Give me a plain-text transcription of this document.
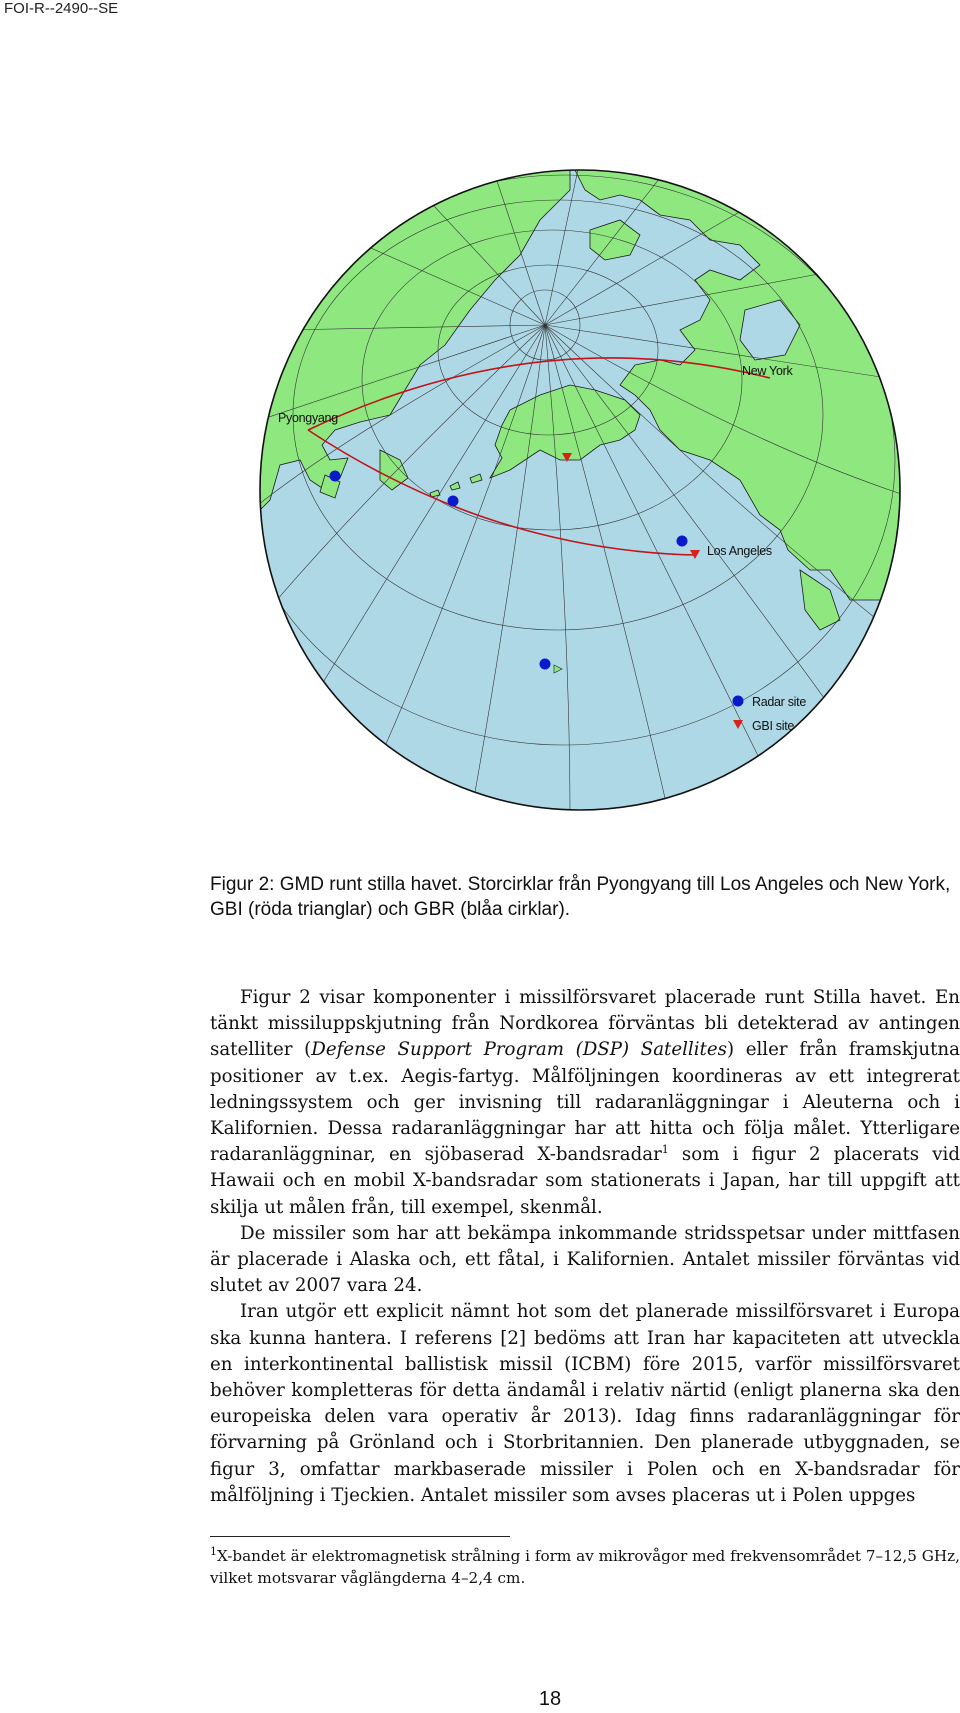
FOI-R--2490--SE
Pyongyang
New York
Los Angeles
Radar site
GBI site
Figur 2: GMD runt stilla havet. Storcirklar från Pyongyang till Los Angeles och New York,
GBI (röda trianglar) och GBR (blåa cirklar).

Figur 2 visar komponenter i missilförsvaret placerade runt Stilla havet. En tänkt missiluppskjutning från Nordkorea förväntas bli detekterad av antingen satelliter (Defense Support Program (DSP) Satellites) eller från framskjutna positioner av t.ex. Aegis-fartyg. Målföljningen koordineras av ett integrerat ledningssystem och ger invisning till radaranläggningar i Aleuterna och i Kalifornien. Dessa radaranläggningar har att hitta och följa målet. Ytterligare radaranläggninar, en sjöbaserad X-bandsradar$^1$ som i figur 2 placerats vid Hawaii och en mobil X-bandsradar som stationerats i Japan, har till uppgift att skilja ut målen från, till exempel, skenmål.

De missiler som har att bekämpa inkommande stridsspetsar under mittfasen är placerade i Alaska och, ett fåtal, i Kalifornien. Antalet missiler förväntas vid slutet av 2007 vara 24.

Iran utgör ett explicit nämnt hot som det planerade missilförsvaret i Europa ska kunna hantera. I referens [2] bedöms att Iran har kapaciteten att utveckla en interkontinental ballistisk missil (ICBM) före 2015, varför missilförsvaret behöver kompletteras för detta ändamål i relativ närtid (enligt planerna ska den europeiska delen vara operativ år 2013). Idag finns radaranläggningar för förvarning på Grönland och i Storbritannien. Den planerade utbyggnaden, se figur 3, omfattar markbaserade missiler i Polen och en X-bandsradar för målföljning i Tjeckien. Antalet missiler som avses placeras ut i Polen uppges

$^1$X-bandet är elektromagnetisk strålning i form av mikrovågor med frekvensområdet 7–12,5 GHz, vilket motsvarar våglängderna 4–2,4 cm.
18
